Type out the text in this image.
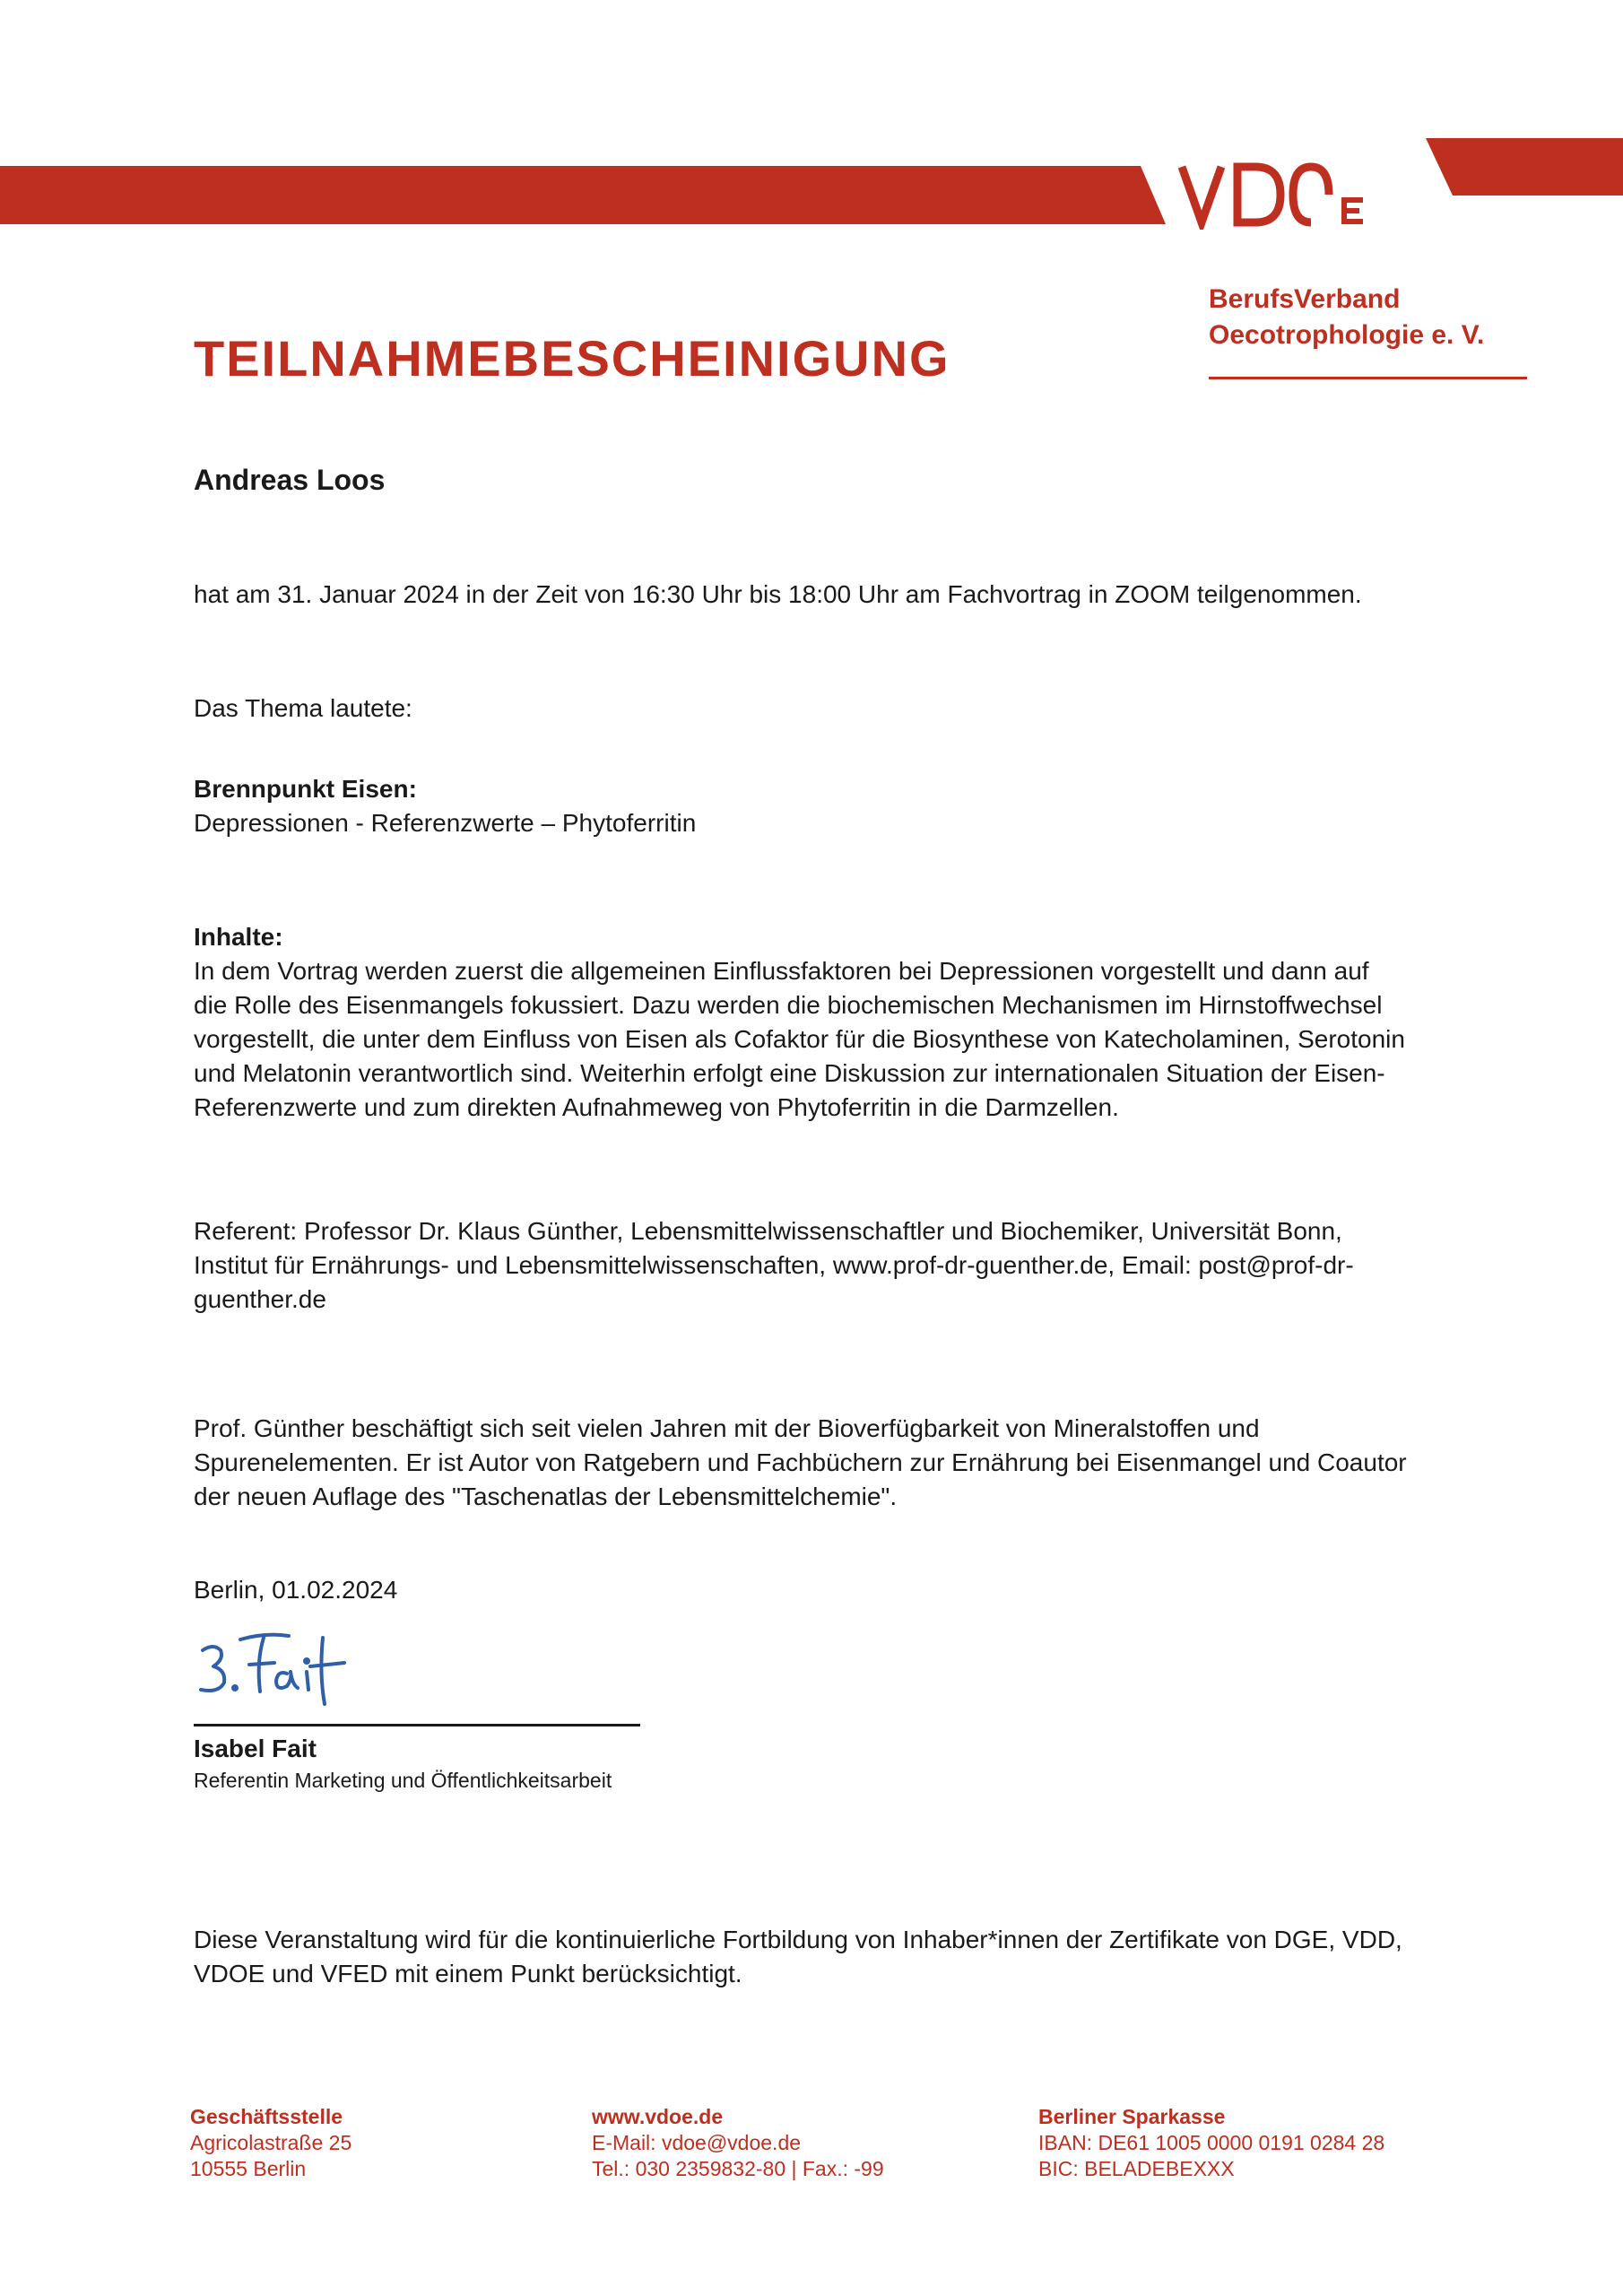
BerufsVerband
Oecotrophologie e. V.
TEILNAHMEBESCHEINIGUNG
Andreas Loos
hat am 31. Januar 2024 in der Zeit von 16:30 Uhr bis 18:00 Uhr am Fachvortrag in ZOOM teilgenommen.
Das Thema lautete:
Brennpunkt Eisen:
Depressionen - Referenzwerte – Phytoferritin
Inhalte:
In dem Vortrag werden zuerst die allgemeinen Einflussfaktoren bei Depressionen vorgestellt und dann auf
die Rolle des Eisenmangels fokussiert. Dazu werden die biochemischen Mechanismen im Hirnstoffwechsel
vorgestellt, die unter dem Einfluss von Eisen als Cofaktor für die Biosynthese von Katecholaminen, Serotonin
und Melatonin verantwortlich sind. Weiterhin erfolgt eine Diskussion zur internationalen Situation der Eisen-
Referenzwerte und zum direkten Aufnahmeweg von Phytoferritin in die Darmzellen.
Referent: Professor Dr. Klaus Günther, Lebensmittelwissenschaftler und Biochemiker, Universität Bonn,
Institut für Ernährungs- und Lebensmittelwissenschaften, www.prof-dr-guenther.de, Email: post@prof-dr-
guenther.de
Prof. Günther beschäftigt sich seit vielen Jahren mit der Bioverfügbarkeit von Mineralstoffen und
Spurenelementen. Er ist Autor von Ratgebern und Fachbüchern zur Ernährung bei Eisenmangel und Coautor
der neuen Auflage des "Taschenatlas der Lebensmittelchemie".
Berlin, 01.02.2024
Isabel Fait
Referentin Marketing und Öffentlichkeitsarbeit
Diese Veranstaltung wird für die kontinuierliche Fortbildung von Inhaber*innen der Zertifikate von DGE, VDD,
VDOE und VFED mit einem Punkt berücksichtigt.
Geschäftsstelle
Agricolastraße 25
10555 Berlin
www.vdoe.de
E-Mail: vdoe@vdoe.de
Tel.: 030 2359832-80 | Fax.: -99
Berliner Sparkasse
IBAN: DE61 1005 0000 0191 0284 28
BIC: BELADEBEXXX
